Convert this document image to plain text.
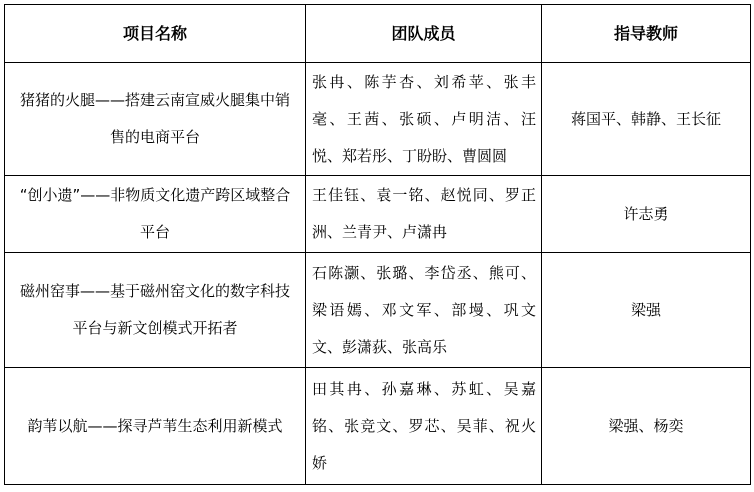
项目名称	团队成员	指导教师
猪猪的火腿——搭建云南宣威火腿集中销售的电商平台	张冉、陈芋杏、刘希苹、张丰毫、王茜、张硕、卢明洁、汪悦、郑若彤、丁盼盼、曹圆圆	蒋国平、韩静、王长征
“创小遗”——非物质文化遗产跨区域整合平台	王佳钰、袁一铭、赵悦同、罗正洲、兰青尹、卢潇冉	许志勇
磁州窑事——基于磁州窑文化的数字科技平台与新文创模式开拓者	石陈灏、张璐、李岱丞、熊可、梁语嫣、邓文军、部墁、巩文文、彭潇荻、张高乐	梁强
韵苇以航——探寻芦苇生态利用新模式	田其冉、孙嘉琳、苏虹、吴嘉铭、张竞文、罗芯、吴菲、祝火娇	梁强、杨奕
